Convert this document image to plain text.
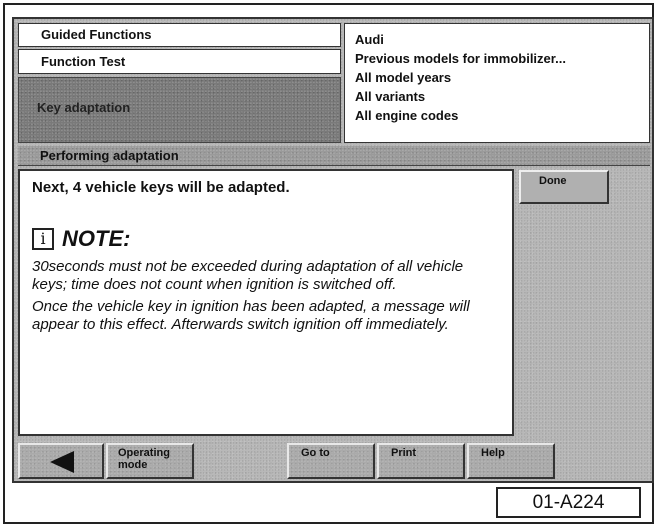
Guided Functions
Function Test
Key adaptation
Audi
Previous models for immobilizer...
All model years
All variants
All engine codes
Performing adaptation
Next, 4 vehicle keys will be adapted.
i NOTE:

30seconds must not be exceeded during adaptation of all vehicle keys; time does not count when ignition is switched off.

Once the vehicle key in ignition has been adapted, a message will appear to this effect. Afterwards switch ignition off immediately.

Done
Operating
mode
Go to	Print	Help
01-A224
